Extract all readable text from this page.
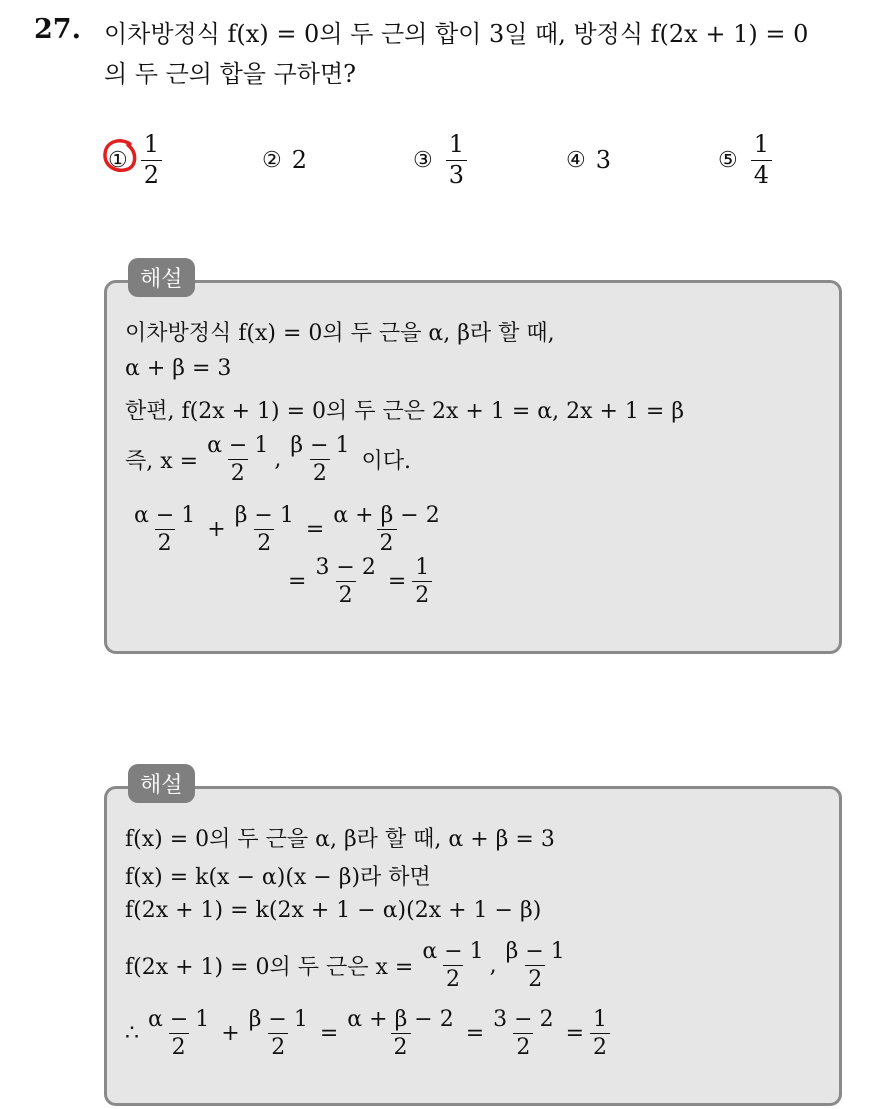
27. 이차방정식 f(x) = 0의 두 근의 합이 3일 때, 방정식 f(2x + 1) = 0
의 두 근의 합을 구하면?
① $\frac{1}{2}$	② 2	③ $\frac{1}{3}$	④ 3	⑤ $\frac{1}{4}$
해설
이차방정식 f(x) = 0의 두 근을 α, β라 할 때,
α + β = 3
한편, f(2x + 1) = 0의 두 근은 2x + 1 = α, 2x + 1 = β
즉, $x = \frac{\alpha - 1}{2}$ , $\frac{\beta - 1}{2}$ 이다.
$\frac{\alpha - 1}{2} + \frac{\beta - 1}{2} = \frac{\alpha + \beta - 2}{2}$
= $\frac{3 - 2}{2} = \frac{1}{2}$
해설
f(x) = 0의 두 근을 α, β라 할 때, α + β = 3
f(x) = k(x − α)(x − β)라 하면
f(2x + 1) = k(2x + 1 − α)(2x + 1 − β)
f(2x + 1) = 0의 두 근은 $x = \frac{\alpha - 1}{2}$ , $\frac{\beta - 1}{2}$
∴ $\frac{\alpha - 1}{2} + \frac{\beta - 1}{2} = \frac{\alpha + \beta - 2}{2} = \frac{3 - 2}{2} = \frac{1}{2}$
